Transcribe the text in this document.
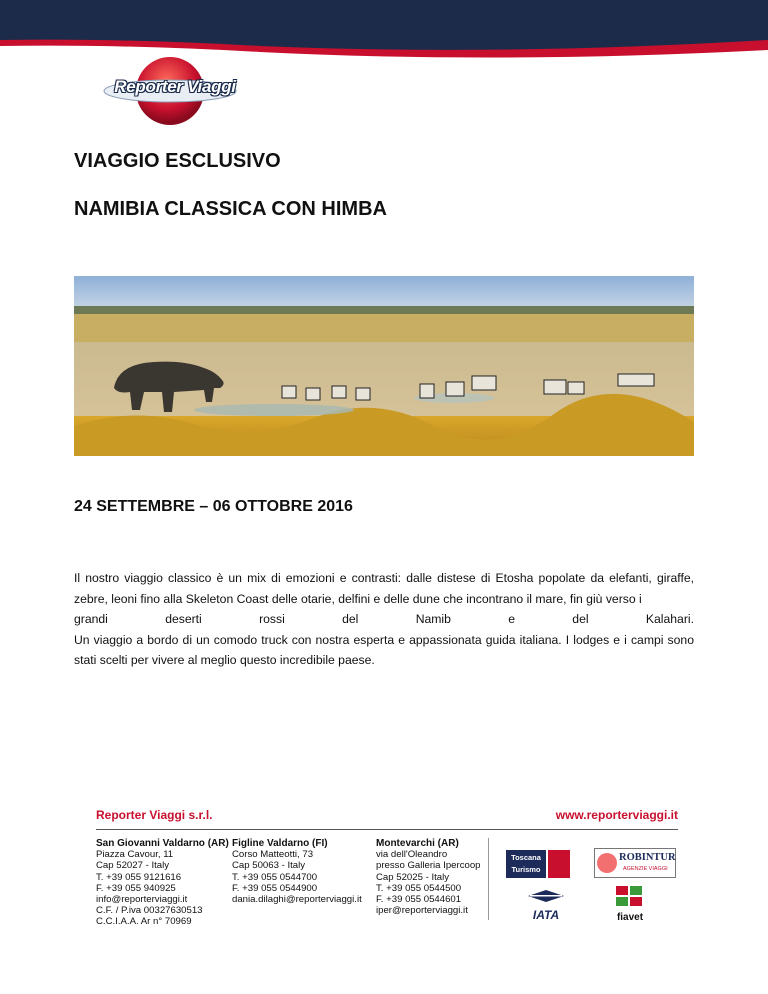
Reporter Viaggi
VIAGGIO ESCLUSIVO
NAMIBIA CLASSICA CON HIMBA
24 SETTEMBRE – 06 OTTOBRE 2016

Il nostro viaggio classico è un mix di emozioni e contrasti: dalle distese di Etosha popolate da elefanti, giraffe, zebre, leoni fino alla Skeleton Coast delle otarie, delfini e delle dune che incontrano il mare, fin giù verso i
grandi deserti rossi del Namib e del Kalahari.

Un viaggio a bordo di un comodo truck con nostra esperta e appassionata guida italiana. I lodges e i campi sono stati scelti per vivere al meglio questo incredibile paese.

Reporter Viaggi s.r.l.	www.reporterviaggi.it
San Giovanni Valdarno (AR)
Piazza Cavour, 11
Cap 52027 - Italy
T. +39 055 9121616
F. +39 055 940925
info@reporterviaggi.it
C.F. / P.iva 00327630513
C.C.I.A.A. Ar n° 70969
Figline Valdarno (FI)
Corso Matteotti, 73
Cap 50063 - Italy
T. +39 055 0544700
F. +39 055 0544900
dania.dilaghi@reporterviaggi.it
Montevarchi (AR)
via dell'Oleandro
presso Galleria Ipercoop
Cap 52025 - Italy
T. +39 055 0544500
F. +39 055 0544601
iper@reporterviaggi.it
Toscana
Turismo
ROBINTUR
AGENZIE VIAGGI
IATA	fiavet
